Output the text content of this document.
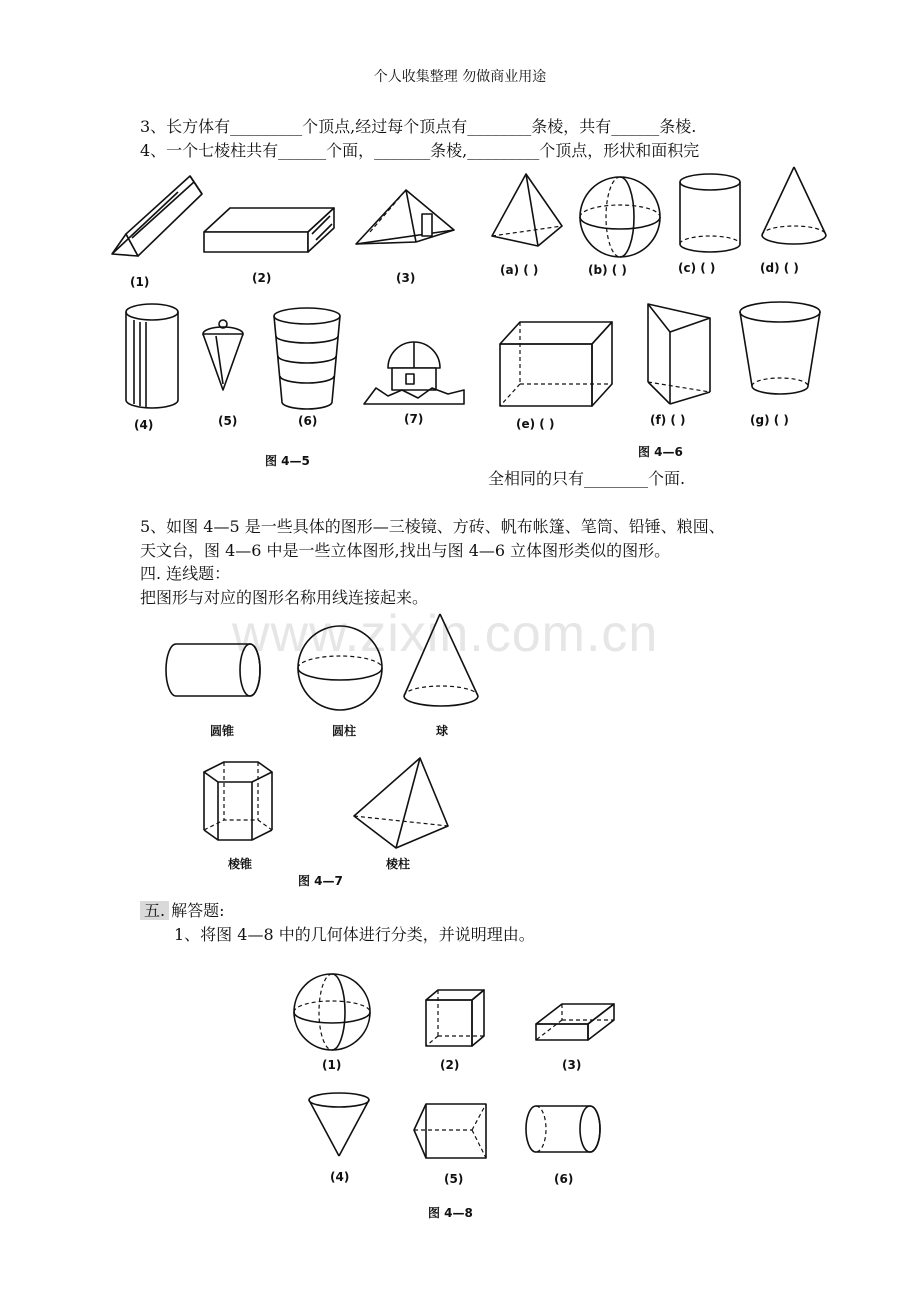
个人收集整理 勿做商业用途
3、长方体有_________个顶点,经过每个顶点有________条棱，共有______条棱.
4、一个七棱柱共有______个面，_______条棱,_________个顶点，形状和面积完
(1)	(2)	(3)
(4)	(5)	(6)	(7)
图 4—5
(a) ( )	(b) ( )	(c) ( )	(d) ( )
(e) ( )	(f) ( )	(g) ( )
图 4—6
全相同的只有________个面.
5、如图 4—5 是一些具体的图形—三棱镜、方砖、帆布帐篷、笔筒、铅锤、粮囤、
天文台，图 4—6 中是一些立体图形,找出与图 4—6 立体图形类似的图形。
四. 连线题：
把图形与对应的图形名称用线连接起来。
www.zixin.com.cn
圆锥	圆柱	球
棱锥	棱柱
图 4—7
五. 解答题:
1、将图 4—8 中的几何体进行分类，并说明理由。
(1)	(2)	(3)
(4)	(5)	(6)
图 4—8
